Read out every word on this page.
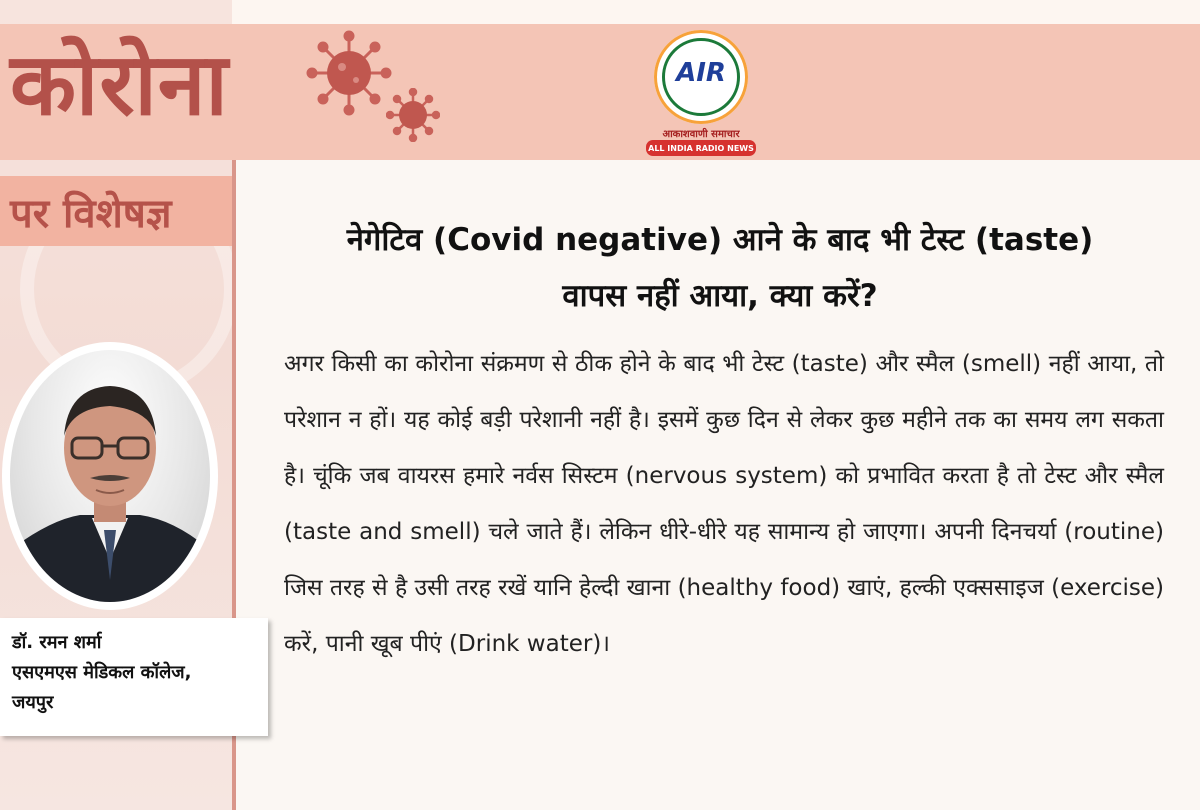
कोरोना
पर विशेषज्ञ
AIR
आकाशवाणी समाचार
ALL INDIA RADIO NEWS
डॉ. रमन शर्मा
एसएमएस मेडिकल कॉलेज,
जयपुर
नेगेटिव (Covid negative) आने के बाद भी टेस्ट (taste)
वापस नहीं आया, क्या करें?
अगर किसी का कोरोना संक्रमण से ठीक होने के बाद भी टेस्ट (taste) और स्मैल (smell) नहीं आया, तो परेशान न हों। यह कोई बड़ी परेशानी नहीं है। इसमें कुछ दिन से लेकर कुछ महीने तक का समय लग सकता है। चूंकि जब वायरस हमारे नर्वस सिस्टम (nervous system) को प्रभावित करता है तो टेस्ट और स्मैल (taste and smell) चले जाते हैं। लेकिन धीरे-धीरे यह सामान्य हो जाएगा। अपनी दिनचर्या (routine) जिस तरह से है उसी तरह रखें यानि हेल्दी खाना (healthy food) खाएं, हल्की एक्ससाइज (exercise) करें, पानी खूब पीएं (Drink water)।
